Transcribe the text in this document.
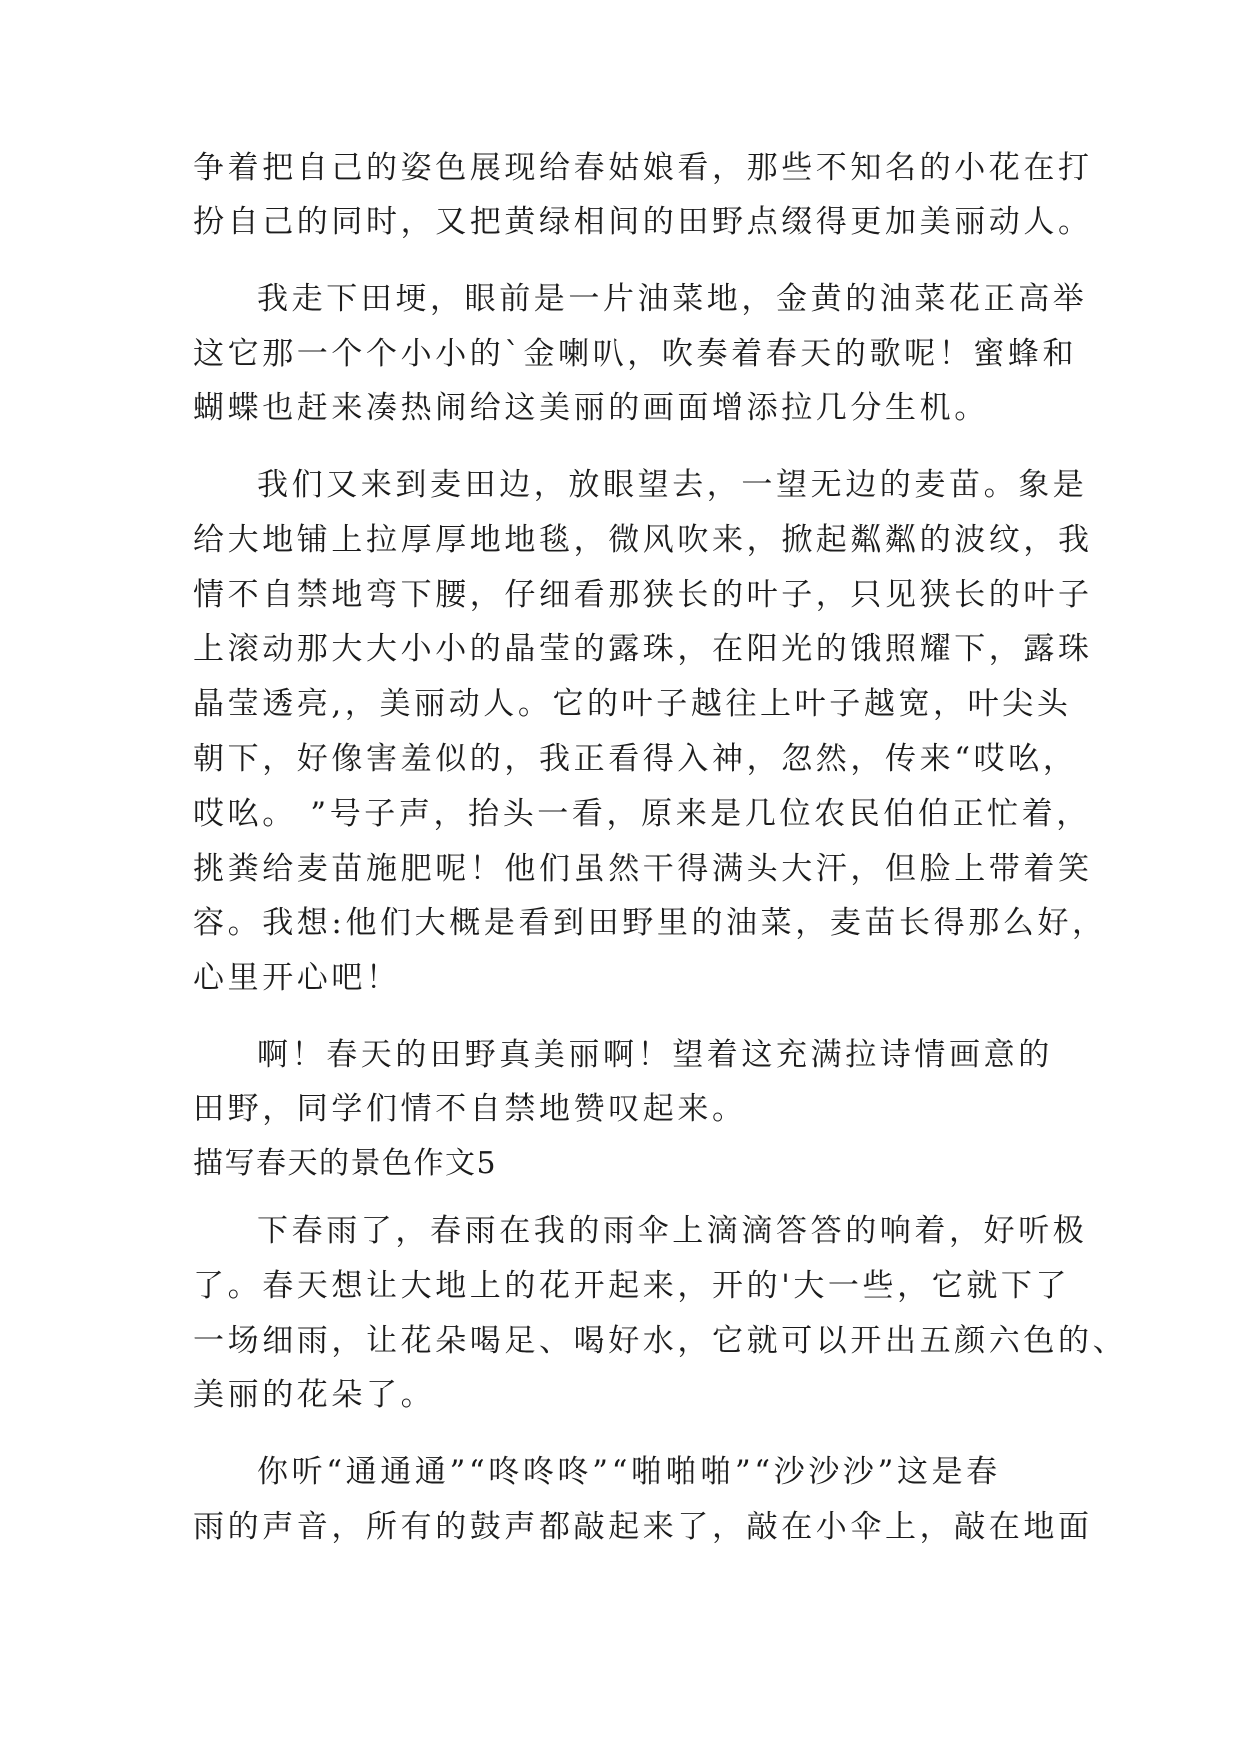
争着把自己的姿色展现给春姑娘看，那些不知名的小花在打
扮自己的同时，又把黄绿相间的田野点缀得更加美丽动人。
我走下田埂，眼前是一片油菜地，金黄的油菜花正高举
这它那一个个小小的`金喇叭，吹奏着春天的歌呢！蜜蜂和
蝴蝶也赶来凑热闹给这美丽的画面增添拉几分生机。
我们又来到麦田边，放眼望去，一望无边的麦苗。象是
给大地铺上拉厚厚地地毯，微风吹来，掀起粼粼的波纹，我
情不自禁地弯下腰，仔细看那狭长的叶子，只见狭长的叶子
上滚动那大大小小的晶莹的露珠，在阳光的饿照耀下，露珠
晶莹透亮,，美丽动人。它的叶子越往上叶子越宽，叶尖头
朝下，好像害羞似的，我正看得入神，忽然，传来“哎吆，
哎吆。 ”号子声，抬头一看，原来是几位农民伯伯正忙着，
挑粪给麦苗施肥呢！他们虽然干得满头大汗，但脸上带着笑
容。我想:他们大概是看到田野里的油菜，麦苗长得那么好，
心里开心吧！
啊！春天的田野真美丽啊！望着这充满拉诗情画意的
田野，同学们情不自禁地赞叹起来。
描写春天的景色作文5
下春雨了，春雨在我的雨伞上滴滴答答的响着，好听极
了。春天想让大地上的花开起来，开的'大一些，它就下了
一场细雨，让花朵喝足、喝好水，它就可以开出五颜六色的、
美丽的花朵了。
你听“通通通”“咚咚咚”“啪啪啪”“沙沙沙”这是春
雨的声音，所有的鼓声都敲起来了，敲在小伞上，敲在地面
